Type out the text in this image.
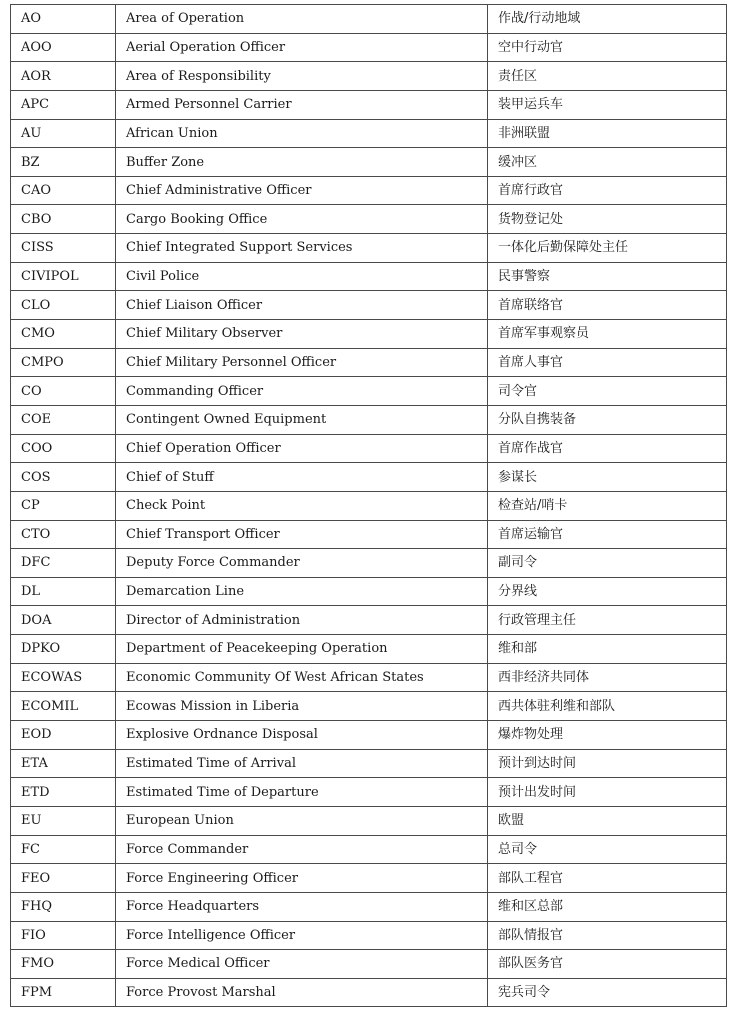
AO	Area of Operation	作战/行动地域
AOO	Aerial Operation Officer	空中行动官
AOR	Area of Responsibility	责任区
APC	Armed Personnel Carrier	装甲运兵车
AU	African Union	非洲联盟
BZ	Buffer Zone	缓冲区
CAO	Chief Administrative Officer	首席行政官
CBO	Cargo Booking Office	货物登记处
CISS	Chief Integrated Support Services	一体化后勤保障处主任
CIVIPOL	Civil Police	民事警察
CLO	Chief Liaison Officer	首席联络官
CMO	Chief Military Observer	首席军事观察员
CMPO	Chief Military Personnel Officer	首席人事官
CO	Commanding Officer	司令官
COE	Contingent Owned Equipment	分队自携装备
COO	Chief Operation Officer	首席作战官
COS	Chief of Stuff	参谋长
CP	Check Point	检查站/哨卡
CTO	Chief Transport Officer	首席运输官
DFC	Deputy Force Commander	副司令
DL	Demarcation Line	分界线
DOA	Director of Administration	行政管理主任
DPKO	Department of Peacekeeping Operation	维和部
ECOWAS	Economic Community Of West African States	西非经济共同体
ECOMIL	Ecowas Mission in Liberia	西共体驻利维和部队
EOD	Explosive Ordnance Disposal	爆炸物处理
ETA	Estimated Time of Arrival	预计到达时间
ETD	Estimated Time of Departure	预计出发时间
EU	European Union	欧盟
FC	Force Commander	总司令
FEO	Force Engineering Officer	部队工程官
FHQ	Force Headquarters	维和区总部
FIO	Force Intelligence Officer	部队情报官
FMO	Force Medical Officer	部队医务官
FPM	Force Provost Marshal	宪兵司令
